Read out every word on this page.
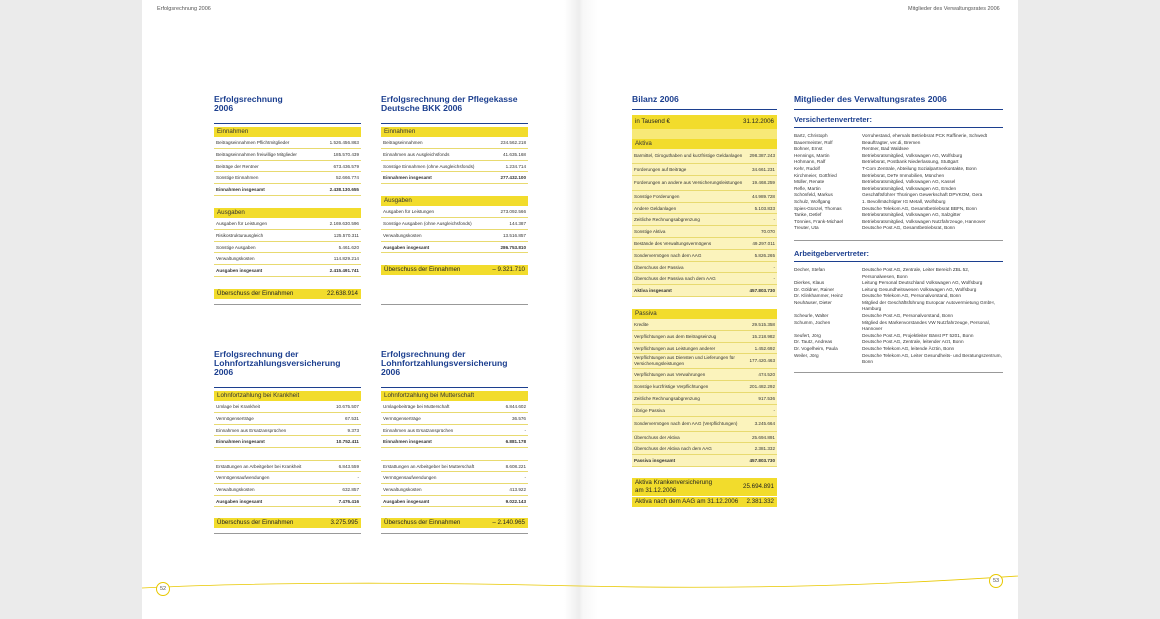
Erfolgsrechnung 2006	Mitglieder des Verwaltungsrates 2006
52
53
Erfolgsrechnung
2006
Einnahmen
Beitragseinnahmen Pflichtmitglieder	1.526.456.863
Beitragseinnahmen freiwillige Mitglieder	185.570.439
Beiträge der Rentner	673.436.579
Sonstige Einnahmen	52.666.774
Einnahmen insgesamt	2.438.130.655
Ausgaben
Ausgaben für Leistungen	2.169.630.596
Risikostrukturausgleich	125.570.311
Sonstige Ausgaben	5.461.620
Verwaltungskosten	114.829.214
Ausgaben insgesamt	2.415.491.741
Überschuss der Einnahmen	22.638.914
Erfolgsrechnung der Pflegekasse
Deutsche BKK 2006
Einnahmen
Beitragseinnahmen	234.562.218
Einnahmen aus Ausgleichsfonds	41.635.168
Sonstige Einnahmen (ohne Ausgleichsfonds)	1.234.714
Einnahmen insgesamt	277.432.100
Ausgaben
Ausgaben für Leistungen	273.092.566
Sonstige Ausgaben (ohne Ausgleichsfonds)	144.387
Verwaltungskosten	13.516.857
Ausgaben insgesamt	286.753.810
Überschuss der Einnahmen	– 9.321.710
Erfolgsrechnung der
Lohnfortzahlungsversicherung 2006
Lohnfortzahlung bei Krankheit
Umlage bei Krankheit	10.675.507
Vermögenserträge	67.531
Einnahmen aus Ersatzansprüchen	9.373
Einnahmen insgesamt	10.752.411
Erstattungen an Arbeitgeber bei Krankheit	6.843.559
Vermögensaufwendungen	-
Verwaltungskosten	632.857
Ausgaben insgesamt	7.476.416
Überschuss der Einnahmen	3.275.995
Erfolgsrechnung der
Lohnfortzahlungsversicherung 2006
Lohnfortzahlung bei Mutterschaft
Umlagebeiträge bei Mutterschaft	6.844.602
Vermögenserträge	36.576
Einnahmen aus Ersatzansprüchen	-
Einnahmen insgesamt	6.881.178
Erstattungen an Arbeitgeber bei Mutterschaft	8.608.221
Vermögensaufwendungen	-
Verwaltungskosten	413.922
Ausgaben insgesamt	9.022.143
Überschuss der Einnahmen	– 2.140.965
Bilanz 2006
in Tausend €	31.12.2006
Aktiva
Barmittel, Giroguthaben und kurzfristige Geldanlagen 298.387.243
Forderungen auf Beiträge	34.661.231
Forderungen an andere aus Versicherungsleistungen 19.468.259
Sonstige Forderungen	44.989.728
Andere Geldanlagen	5.103.833
Zeitliche Rechnungsabgrenzung	-
Sonstige Aktiva	70.070
Bestände des Verwaltungsvermögens	49.297.011
Sondervermögen nach dem AAG	5.826.265
Überschuss der Passiva	-
Überschuss der Passiva nach dem AAG	-
Aktiva insgesamt	457.803.730
Passiva
Kredite	29.515.358
Verpflichtungen aus dem Beitragseinzug	15.218.982
Verpflichtungen aus Leistungen anderer	1.452.692
Verpflichtungen aus Diensten und Lieferungen für Versicherungsleistungen
177.420.463
Verpflichtungen aus Verwahrungen	474.520
Sonstige kurzfristige Verpflichtungen	201.482.292
Zeitliche Rechnungsabgrenzung	917.536
Übrige Passiva	-
Sondervermögen nach dem AAG (Verpflichtungen)	3.245.664
Überschuss der Aktiva	25.694.891
Überschuss der Aktiva nach dem AAG	2.381.332
Passiva insgesamt	457.803.730
Aktiva Krankenversicherung
am 31.12.2006
25.694.891
Aktiva nach dem AAG am 31.12.2006 2.381.332
Mitglieder des Verwaltungsrates 2006
Versichertenvertreter:
Bartz, Christoph	Vorruhestand, ehemals Betriebsrat PCK Raffinerie, Schwedt
Bauermeister, Rolf	Beauftragter, ver.di, Bremen
Bohner, Ernst	Rentner, Bad Waldsee
Hennings, Martin	Betriebsratsmitglied, Volkswagen AG, Wolfsburg
Höhmann, Ralf	Betriebsrat, Postbank Niederlassung, Stuttgart
Kehr, Rudolf	T-Com Zentrale, Abteilung Sozialpartnerkontakte, Bonn
Kirchmeier, Gottfried	Betriebsrat, DeTe Immobilien, München
Müller, Renate	Betriebsratsmitglied, Volkswagen AG, Kassel
Refle, Martin	Betriebsratsmitglied, Volkswagen AG, Emden
Schönfeld, Markus	Geschäftsführer Thüringen Gewerkschaft DPVKOM, Gera
Schulz, Wolfgang	1. Bevollmächtigter IG Metall, Wolfsburg
Spies-Günzel, Thomas	Deutsche Telekom AG, Gesamtbetriebsrat BBFN, Bonn
Tanke, Detlef	Betriebsratsmitglied, Volkswagen AG, Salzgitter
Tönnies, Frank-Michael	Betriebsratsmitglied, Volkswagen Nutzfahrzeuge, Hannover
Treuter, Uta	Deutsche Post AG, Gesamtbetriebsrat, Bonn
Arbeitgebervertreter:
Decher, Stefan	Deutsche Post AG, Zentrale, Leiter Bereich ZBL 52, Personalwesen, Bonn
Dierkes, Klaus	Leitung Personal Deutschland Volkswagen AG, Wolfsburg
Dr. Göldner, Rainer	Leitung Gesundheitswesen Volkswagen AG, Wolfsburg
Dr. Klinkhammer, Heinz	Deutsche Telekom AG, Personalvorstand, Bonn
Neuhäuser, Dieter	Mitglied der Geschäftsführung Europcar Autovermietung GmbH, Hamburg
Scheurle, Walter	Deutsche Post AG, Personalvorstand, Bonn
Schumm, Jochen	Mitglied des Markenvorstandes VW Nutzfahrzeuge, Personal, Hannover
Seufert, Jörg	Deutsche Post AG, Projektleiter Bänst PT 5201, Bonn
Dr. Tautz, Andreas	Deutsche Post AG, Zentrale, leitender Arzt, Bonn
Dr. Vogelheim, Paula	Deutsche Telekom AG, leitende Ärztin, Bonn
Weiler, Jörg	Deutsche Telekom AG, Leiter Gesundheits- und Beratungszentrum, Bonn
